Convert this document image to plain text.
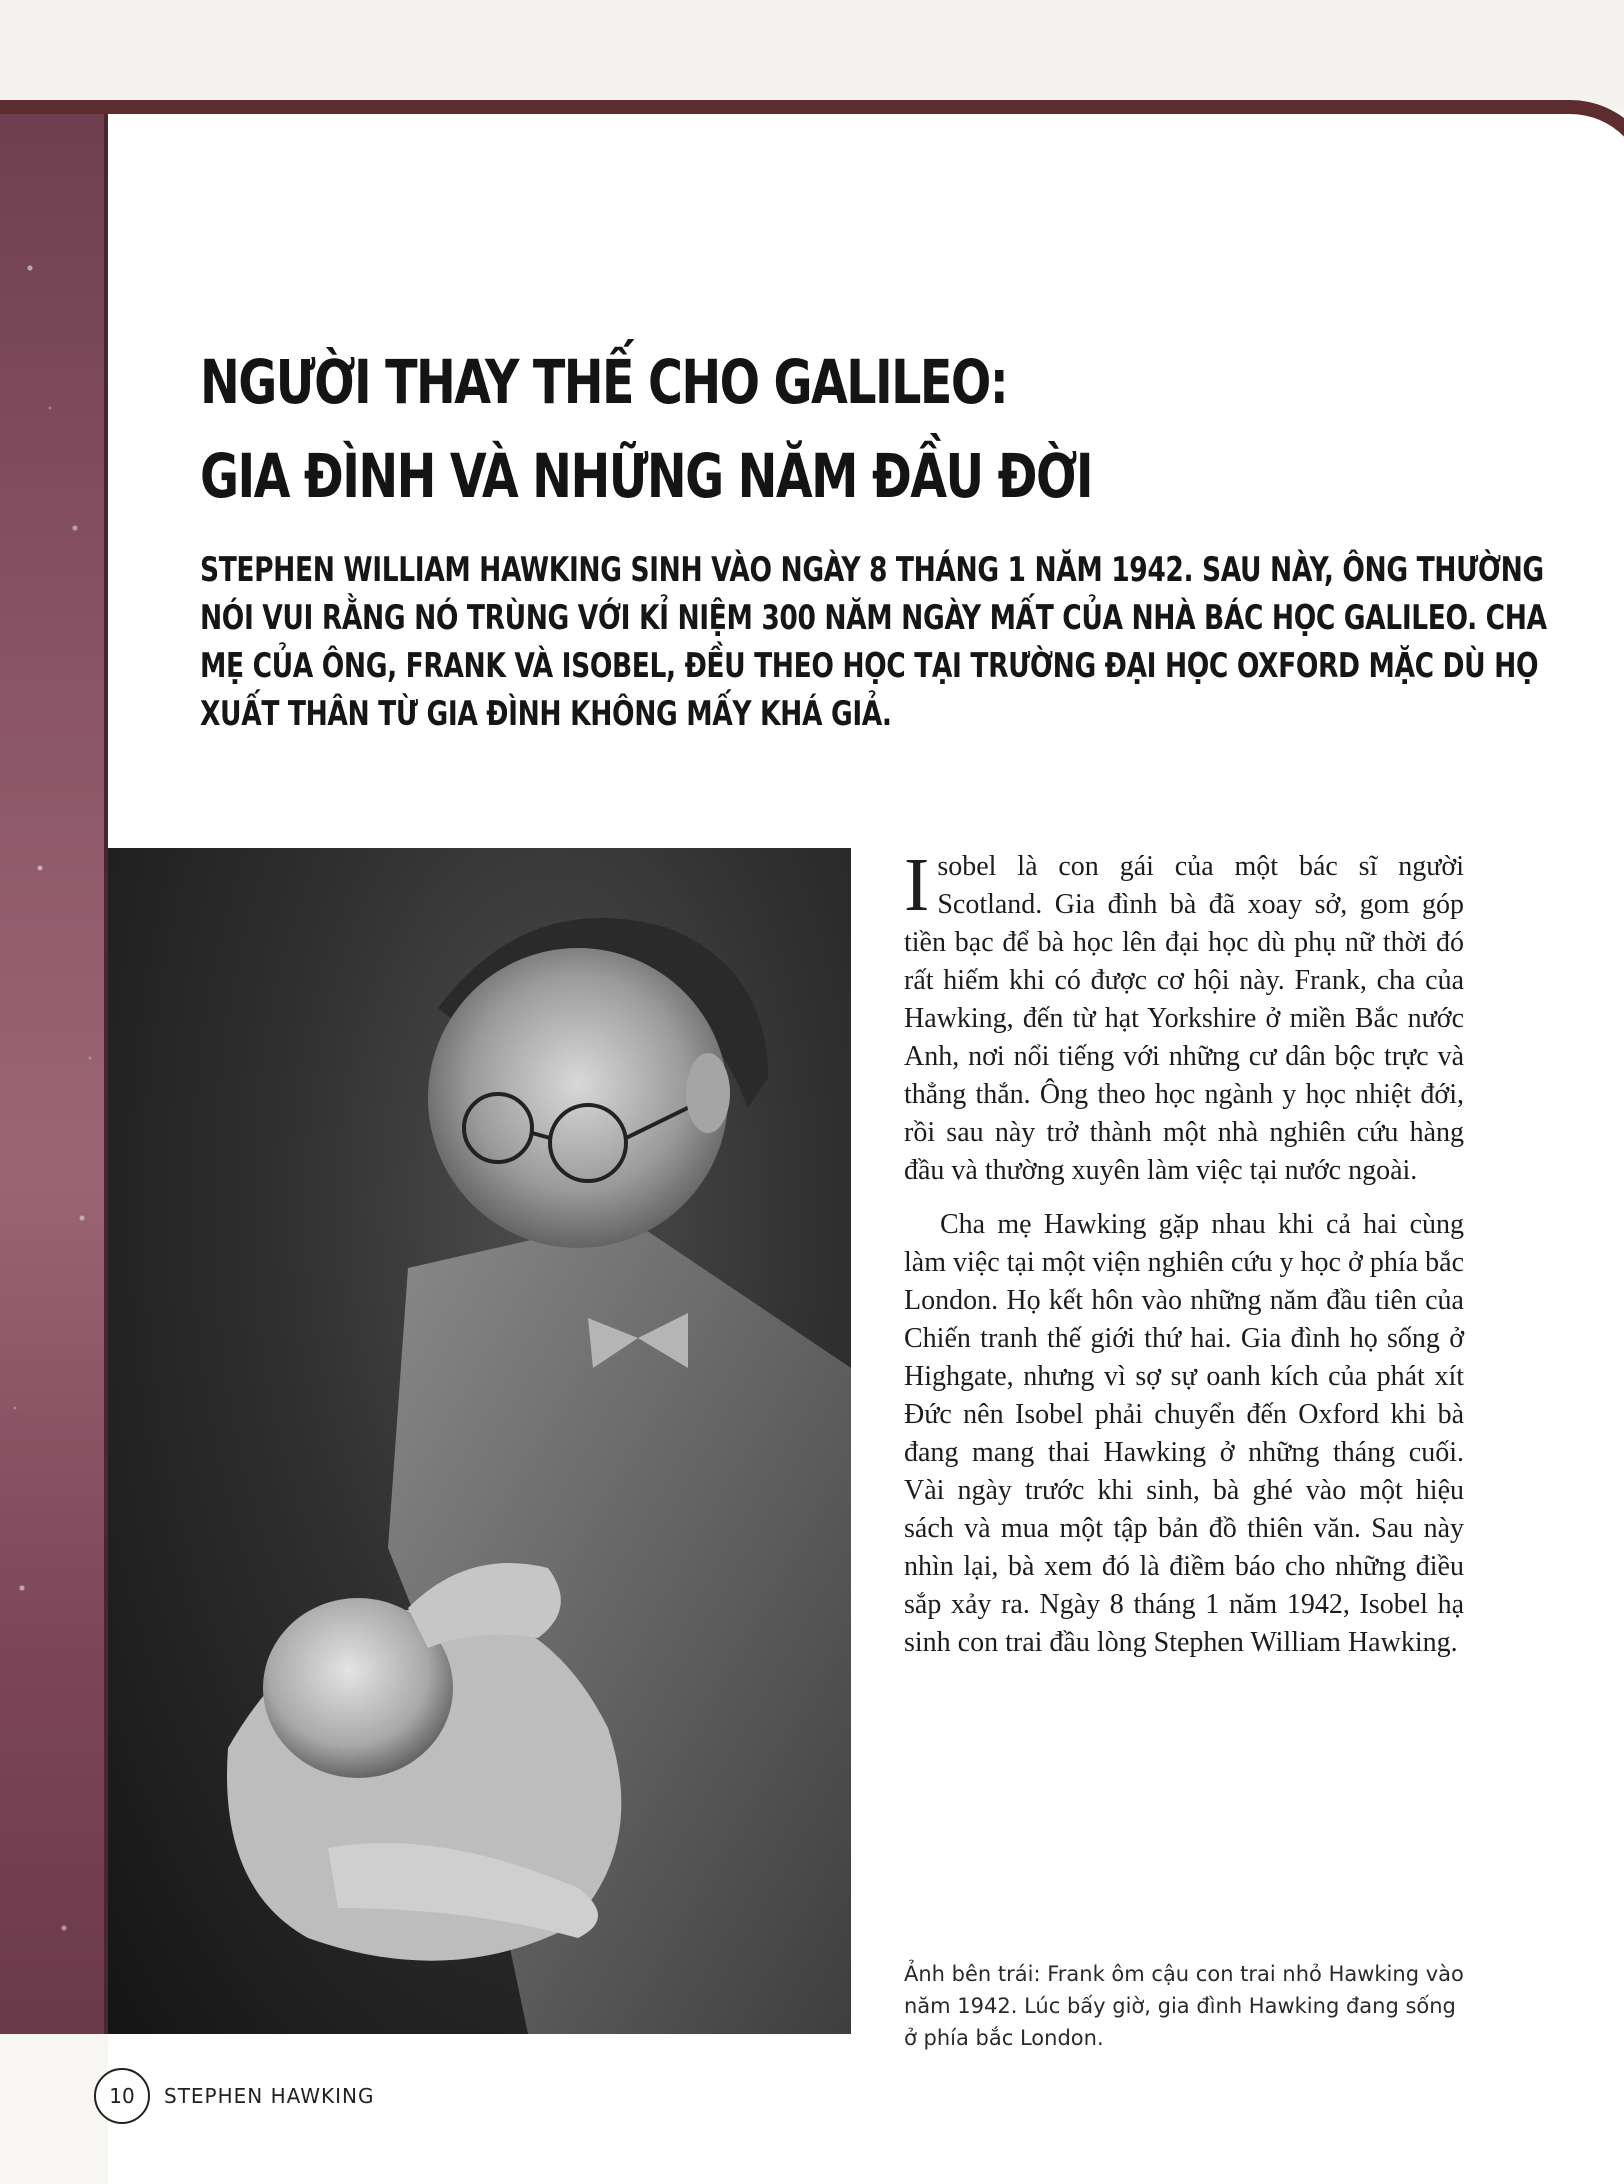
NGƯỜI THAY THẾ CHO GALILEO:
GIA ĐÌNH VÀ NHỮNG NĂM ĐẦU ĐỜI

STEPHEN WILLIAM HAWKING SINH VÀO NGÀY 8 THÁNG 1 NĂM 1942. SAU NÀY, ÔNG THƯỜNG
NÓI VUI RẰNG NÓ TRÙNG VỚI KỈ NIỆM 300 NĂM NGÀY MẤT CỦA NHÀ BÁC HỌC GALILEO. CHA
MẸ CỦA ÔNG, FRANK VÀ ISOBEL, ĐỀU THEO HỌC TẠI TRƯỜNG ĐẠI HỌC OXFORD MẶC DÙ HỌ
XUẤT THÂN TỪ GIA ĐÌNH KHÔNG MẤY KHÁ GIẢ.

Isobel là con gái của một bác sĩ người Scotland. Gia đình bà đã xoay sở, gom góp tiền bạc để bà học lên đại học dù phụ nữ thời đó rất hiếm khi có được cơ hội này. Frank, cha của Hawking, đến từ hạt Yorkshire ở miền Bắc nước Anh, nơi nổi tiếng với những cư dân bộc trực và thẳng thắn. Ông theo học ngành y học nhiệt đới, rồi sau này trở thành một nhà nghiên cứu hàng đầu và thường xuyên làm việc tại nước ngoài.

Cha mẹ Hawking gặp nhau khi cả hai cùng làm việc tại một viện nghiên cứu y học ở phía bắc London. Họ kết hôn vào những năm đầu tiên của Chiến tranh thế giới thứ hai. Gia đình họ sống ở Highgate, nhưng vì sợ sự oanh kích của phát xít Đức nên Isobel phải chuyển đến Oxford khi bà đang mang thai Hawking ở những tháng cuối. Vài ngày trước khi sinh, bà ghé vào một hiệu sách và mua một tập bản đồ thiên văn. Sau này nhìn lại, bà xem đó là điềm báo cho những điều sắp xảy ra. Ngày 8 tháng 1 năm 1942, Isobel hạ sinh con trai đầu lòng Stephen William Hawking.

Ảnh bên trái: Frank ôm cậu con trai nhỏ Hawking vào năm 1942. Lúc bấy giờ, gia đình Hawking đang sống ở phía bắc London.
10	STEPHEN HAWKING
